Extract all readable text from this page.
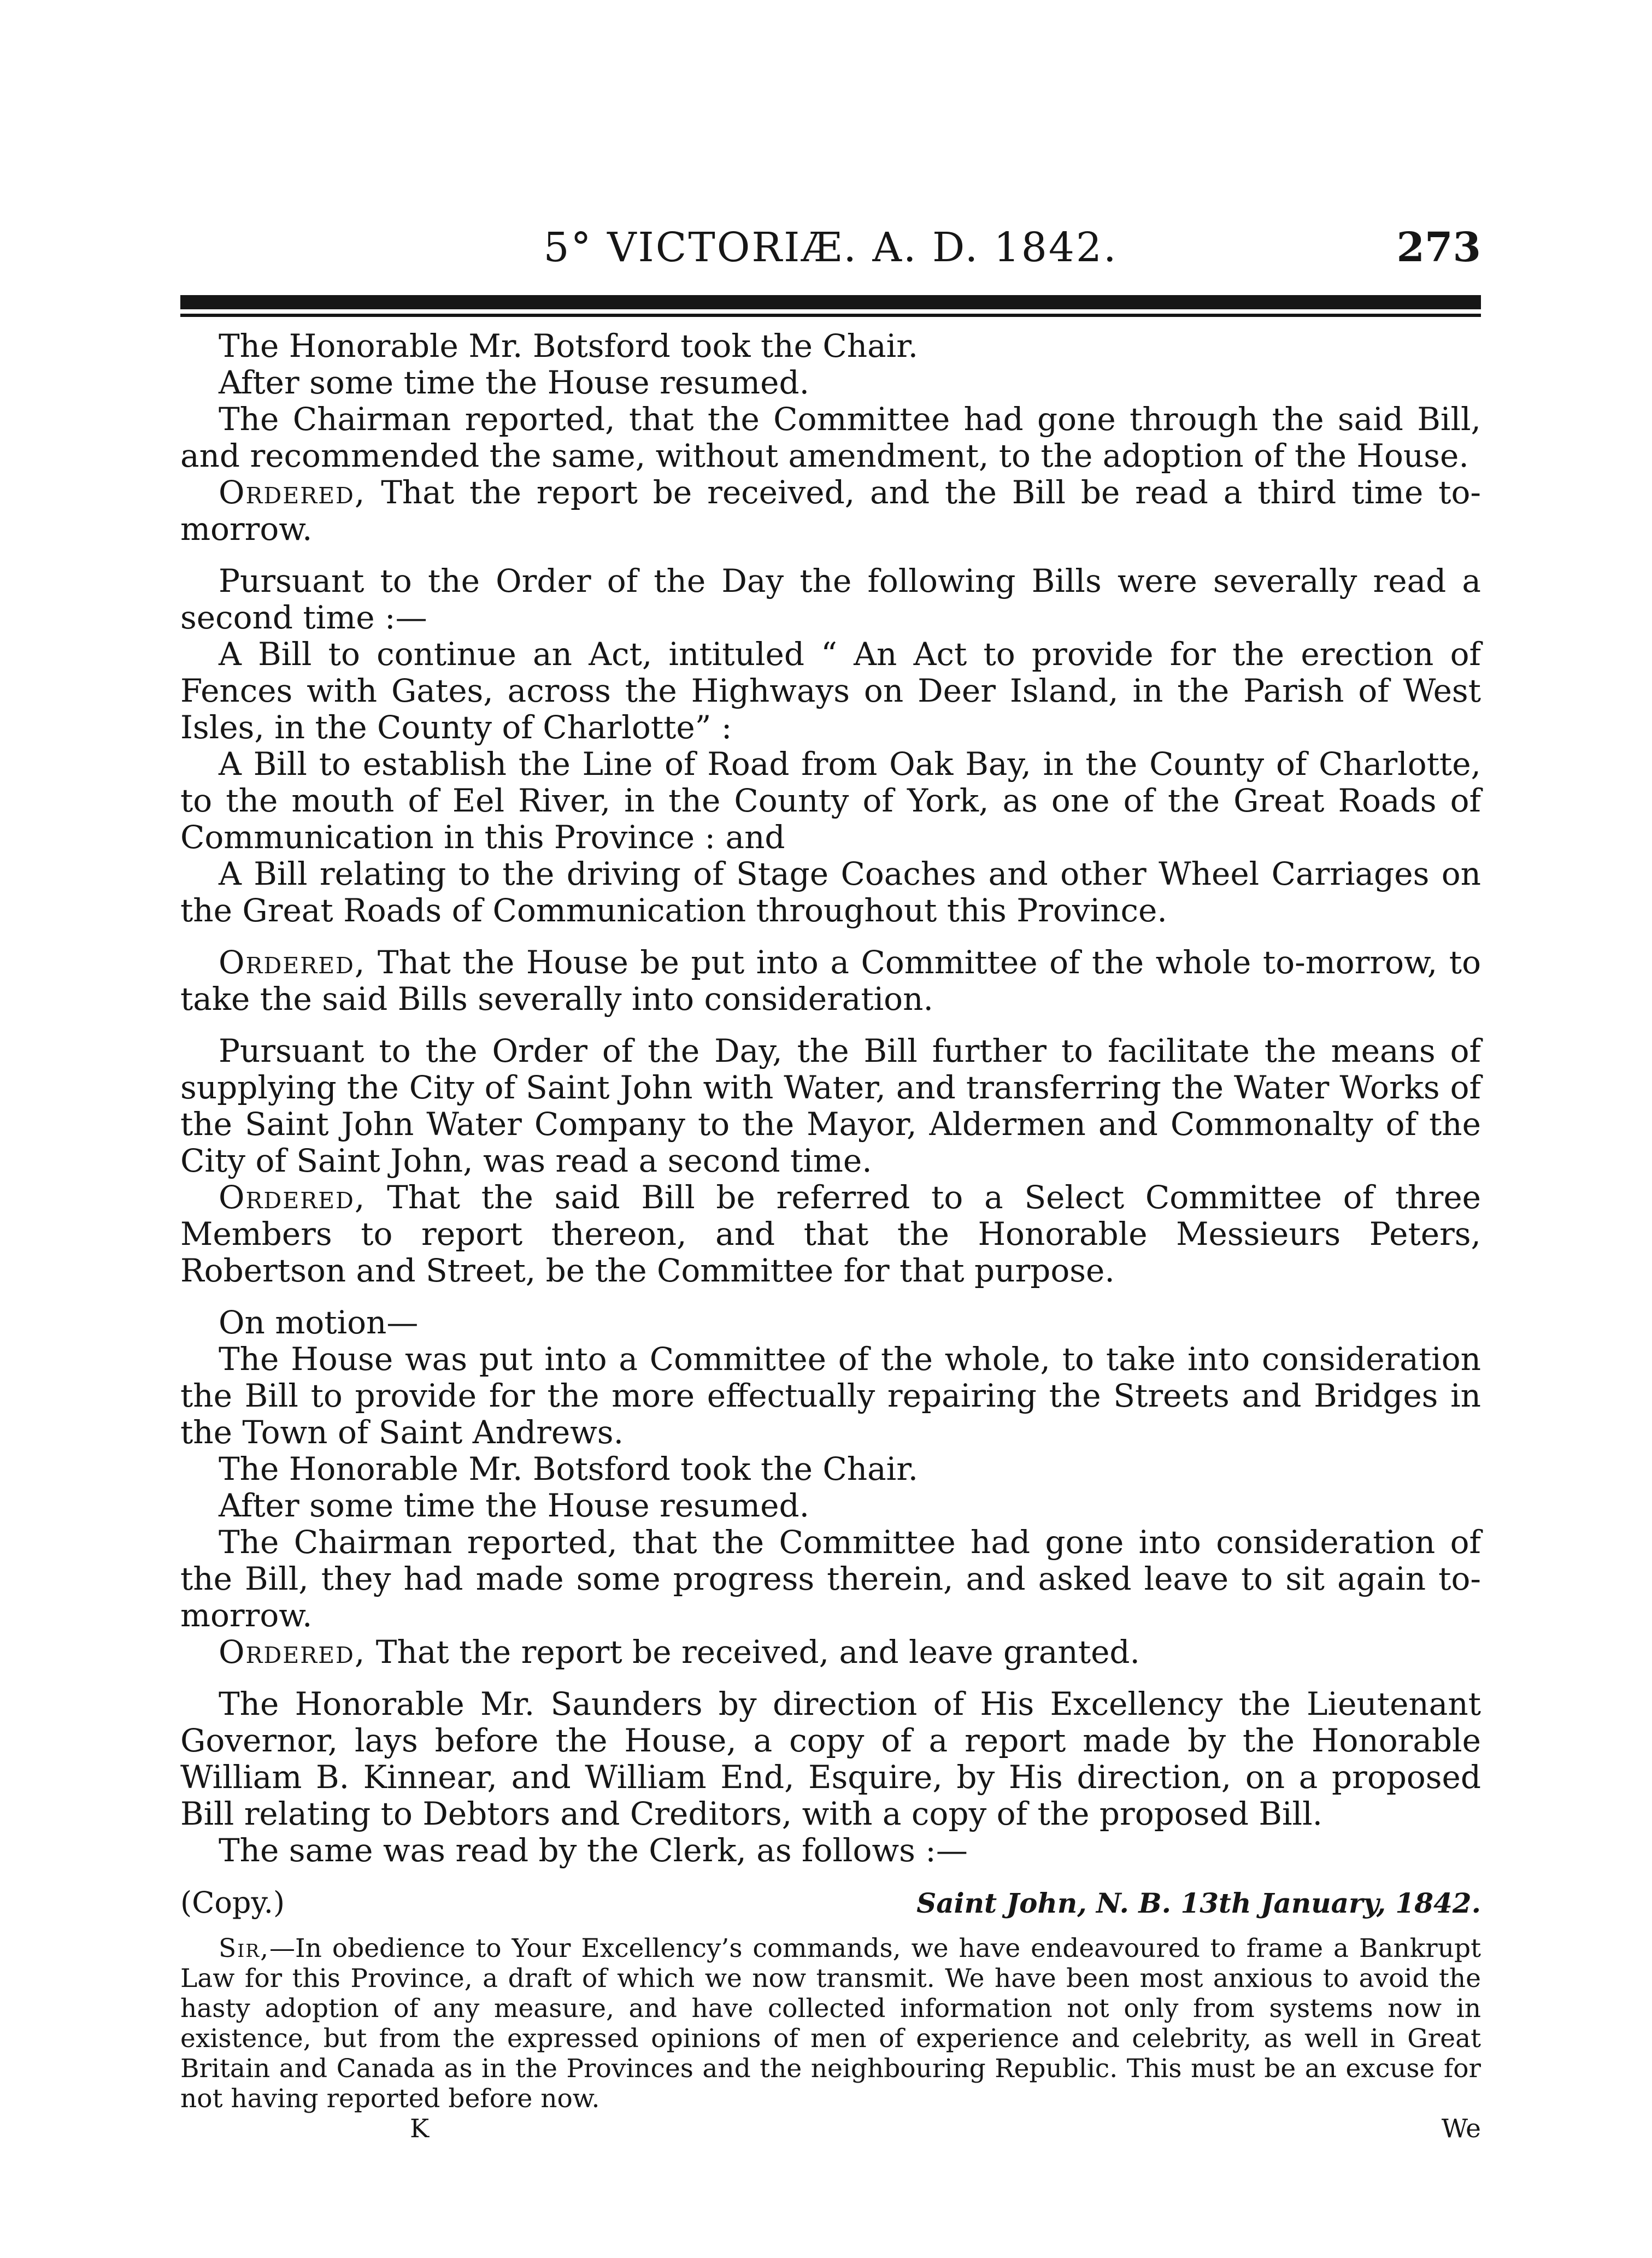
5° VICTORIÆ. A. D. 1842.	273

The Honorable Mr. Botsford took the Chair.

After some time the House resumed.

The Chairman reported, that the Committee had gone through the said Bill, and recommended the same, without amendment, to the adoption of the House.

Ordered, That the report be received, and the Bill be read a third time to-morrow.

Pursuant to the Order of the Day the following Bills were severally read a second time :—

A Bill to continue an Act, intituled “ An Act to provide for the erection of Fences with Gates, across the Highways on Deer Island, in the Parish of West Isles, in the County of Charlotte” :

A Bill to establish the Line of Road from Oak Bay, in the County of Charlotte, to the mouth of Eel River, in the County of York, as one of the Great Roads of Communication in this Province : and

A Bill relating to the driving of Stage Coaches and other Wheel Carriages on the Great Roads of Communication throughout this Province.

Ordered, That the House be put into a Committee of the whole to-morrow, to take the said Bills severally into consideration.

Pursuant to the Order of the Day, the Bill further to facilitate the means of supplying the City of Saint John with Water, and transferring the Water Works of the Saint John Water Company to the Mayor, Aldermen and Commonalty of the City of Saint John, was read a second time.

Ordered, That the said Bill be referred to a Select Committee of three Members to report thereon, and that the Honorable Messieurs Peters, Robertson and Street, be the Committee for that purpose.

On motion—

The House was put into a Committee of the whole, to take into consideration the Bill to provide for the more effectually repairing the Streets and Bridges in the Town of Saint Andrews.

The Honorable Mr. Botsford took the Chair.

After some time the House resumed.

The Chairman reported, that the Committee had gone into consideration of the Bill, they had made some progress therein, and asked leave to sit again to-morrow.

Ordered, That the report be received, and leave granted.

The Honorable Mr. Saunders by direction of His Excellency the Lieutenant Governor, lays before the House, a copy of a report made by the Honorable William B. Kinnear, and William End, Esquire, by His direction, on a proposed Bill relating to Debtors and Creditors, with a copy of the proposed Bill.

The same was read by the Clerk, as follows :—

(Copy.)	Saint John, N. B. 13th January, 1842.

Sir,—In obedience to Your Excellency’s commands, we have endeavoured to frame a Bankrupt Law for this Province, a draft of which we now transmit. We have been most anxious to avoid the hasty adoption of any measure, and have collected information not only from systems now in existence, but from the expressed opinions of men of experience and celebrity, as well in Great Britain and Canada as in the Provinces and the neighbouring Republic. This must be an excuse for not having reported before now.

K	We
